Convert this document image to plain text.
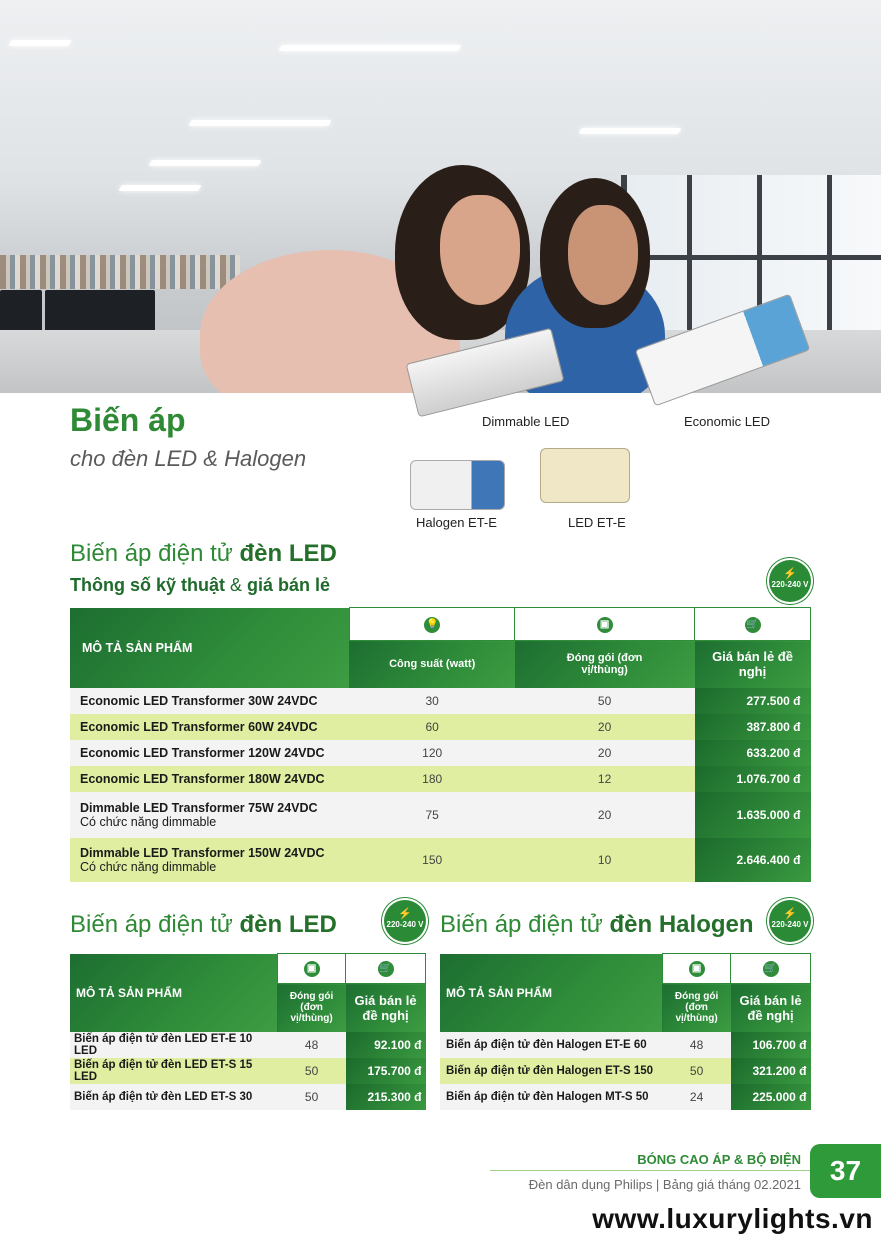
Dimmable LED	Economic LED
Halogen ET-E	LED ET-E
Biến áp
cho đèn LED & Halogen
Biến áp điện tử đèn LED
Thông số kỹ thuật & giá bán lẻ
⚡
220-240 V
MÔ TẢ SẢN PHẨM	💡	▣	🛒
	Công suất (watt)	Đóng gói (đơn vị/thùng)	Giá bán lẻ đề nghị
Economic LED Transformer 30W 24VDC	30	50	277.500 đ
Economic LED Transformer 60W 24VDC	60	20	387.800 đ
Economic LED Transformer 120W 24VDC	120	20	633.200 đ
Economic LED Transformer 180W 24VDC	180	12	1.076.700 đ
Dimmable LED Transformer 75W 24VDC
Có chức năng dimmable	75	20	1.635.000 đ
Dimmable LED Transformer 150W 24VDC
Có chức năng dimmable	150	10	2.646.400 đ
Biến áp điện tử đèn LED	⚡
220-240 V
MÔ TẢ SẢN PHẨM	▣	🛒
	Đóng gói (đơn vị/thùng)	Giá bán lẻ đề nghị
Biến áp điện tử đèn LED ET-E 10 LED	48	92.100 đ
Biến áp điện tử đèn LED ET-S 15 LED	50	175.700 đ
Biến áp điện tử đèn LED ET-S 30	50	215.300 đ
Biến áp điện tử đèn Halogen	⚡
220-240 V
MÔ TẢ SẢN PHẨM	▣	🛒
	Đóng gói (đơn vị/thùng)	Giá bán lẻ đề nghị
Biến áp điện tử đèn Halogen ET-E 60	48	106.700 đ
Biến áp điện tử đèn Halogen ET-S 150	50	321.200 đ
Biến áp điện tử đèn Halogen MT-S 50	24	225.000 đ
BÓNG CAO ÁP & BỘ ĐIỆN
Đèn dân dụng Philips | Bảng giá tháng 02.2021	37
www.luxurylights.vn
